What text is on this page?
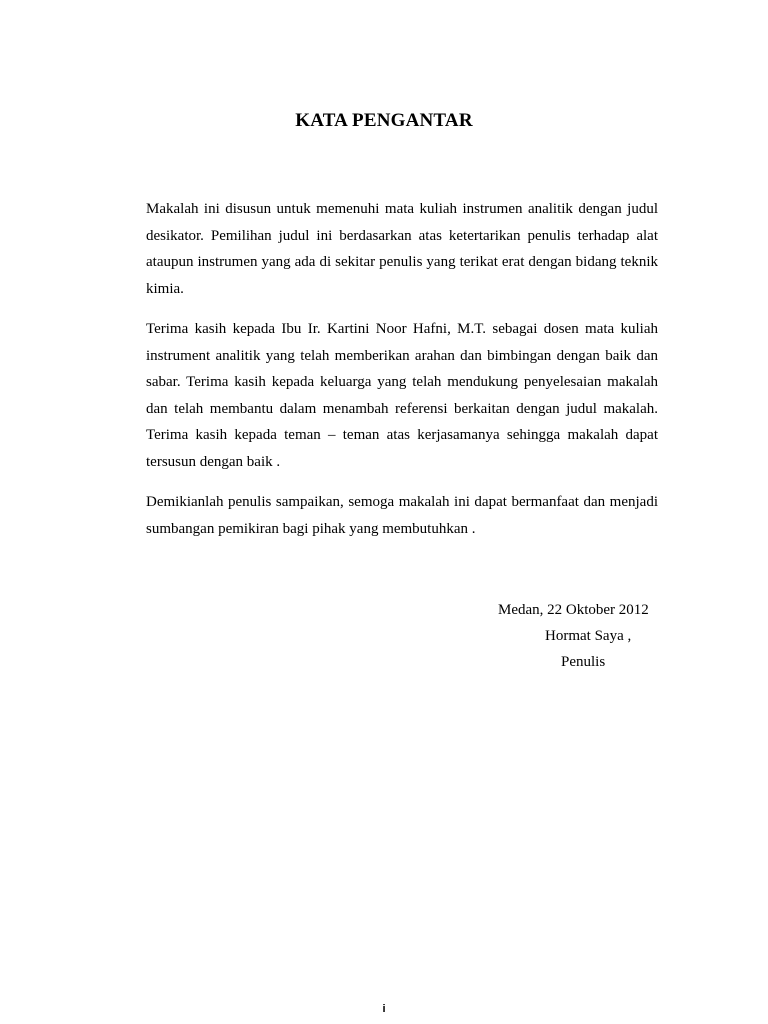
KATA PENGANTAR

Makalah ini disusun untuk memenuhi mata kuliah instrumen analitik dengan judul desikator. Pemilihan judul ini berdasarkan atas ketertarikan penulis terhadap alat ataupun instrumen yang ada di sekitar penulis yang terikat erat dengan bidang teknik kimia.

Terima kasih kepada Ibu Ir. Kartini Noor Hafni, M.T. sebagai dosen mata kuliah instrument analitik yang telah memberikan arahan dan bimbingan dengan baik dan sabar. Terima kasih kepada keluarga yang telah mendukung penyelesaian makalah dan telah membantu dalam menambah referensi berkaitan dengan judul makalah. Terima kasih kepada teman – teman atas kerjasamanya sehingga makalah dapat tersusun dengan baik .

Demikianlah penulis sampaikan, semoga makalah ini dapat bermanfaat dan menjadi sumbangan pemikiran bagi pihak yang membutuhkan .

Medan, 22 Oktober 2012
Hormat Saya ,
Penulis
i
